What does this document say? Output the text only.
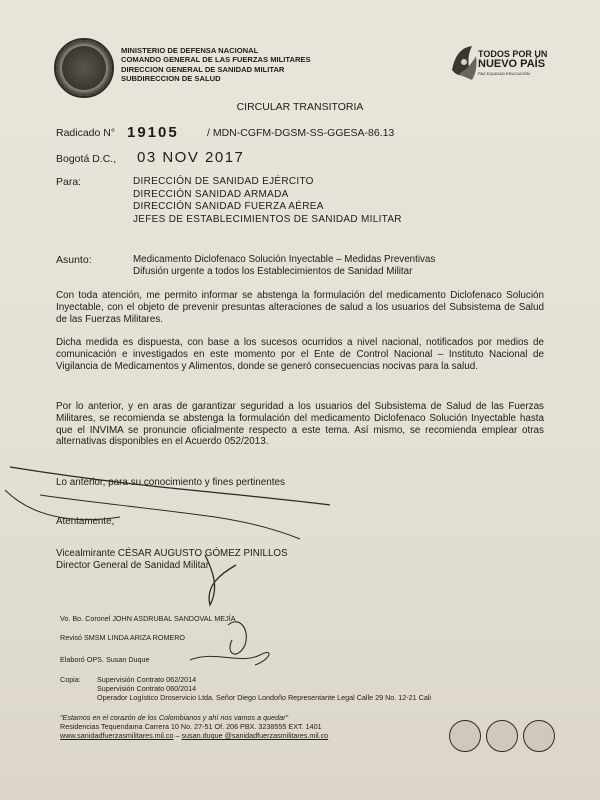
MINISTERIO DE DEFENSA NACIONAL
COMANDO GENERAL DE LAS FUERZAS MILITARES
DIRECCION GENERAL DE SANIDAD MILITAR
SUBDIRECCION DE SALUD
TODOS POR UN
NUEVO PAÍS
PAZ EQUIDAD EDUCACIÓN
CIRCULAR TRANSITORIA
Radicado N° 19105	/ MDN-CGFM-DGSM-SS-GGESA-86.13
Bogotá D.C., 03 NOV 2017
Para:	DIRECCIÓN DE SANIDAD EJÉRCITO
DIRECCIÓN SANIDAD ARMADA
DIRECCIÓN SANIDAD FUERZA AÉREA
JEFES DE ESTABLECIMIENTOS DE SANIDAD MILITAR
Asunto:	Medicamento Diclofenaco Solución Inyectable – Medidas Preventivas
Difusión urgente a todos los Establecimientos de Sanidad Militar
Con toda atención, me permito informar se abstenga la formulación del medicamento Diclofenaco Solución Inyectable, con el objeto de prevenir presuntas alteraciones de salud a los usuarios del Subsistema de Salud de las Fuerzas Militares.
Dicha medida es dispuesta, con base a los sucesos ocurridos a nivel nacional, notificados por medios de comunicación e investigados en este momento por el Ente de Control Nacional – Instituto Nacional de Vigilancia de Medicamentos y Alimentos, donde se generó consecuencias nocivas para la salud.
Por lo anterior, y en aras de garantizar seguridad a los usuarios del Subsistema de Salud de las Fuerzas Militares, se recomienda se abstenga la formulación del medicamento Diclofenaco Solución Inyectable hasta que el INVIMA se pronuncie oficialmente respecto a este tema. Así mismo, se recomienda emplear otras alternativas disponibles en el Acuerdo 052/2013.
Lo anterior, para su conocimiento y fines pertinentes
Atentamente,
Vicealmirante CÉSAR AUGUSTO GÓMEZ PINILLOS
Director General de Sanidad Militar
Vo. Bo. Coronel JOHN ASDRUBAL SANDOVAL MEJÍA
Revisó SMSM LINDA ARIZA ROMERO
Elaboró OPS. Susan Duque
Copia: Supervisión Contrato 062/2014
Supervisión Contrato 060/2014
Operador Logístico Droservicio Ltda. Señor Diego Londoño Representante Legal Calle 29 No. 12-21 Cali
"Estamos en el corazón de los Colombianos y ahí nos vamos a quedar"
Residencias Tequendama Carrera 10 No. 27-51 Of. 206 PBX. 3238555 EXT. 1401
www.sanidadfuerzasmilitares.mil.co – susan.duque @sanidadfuerzasmilitares.mil.co
